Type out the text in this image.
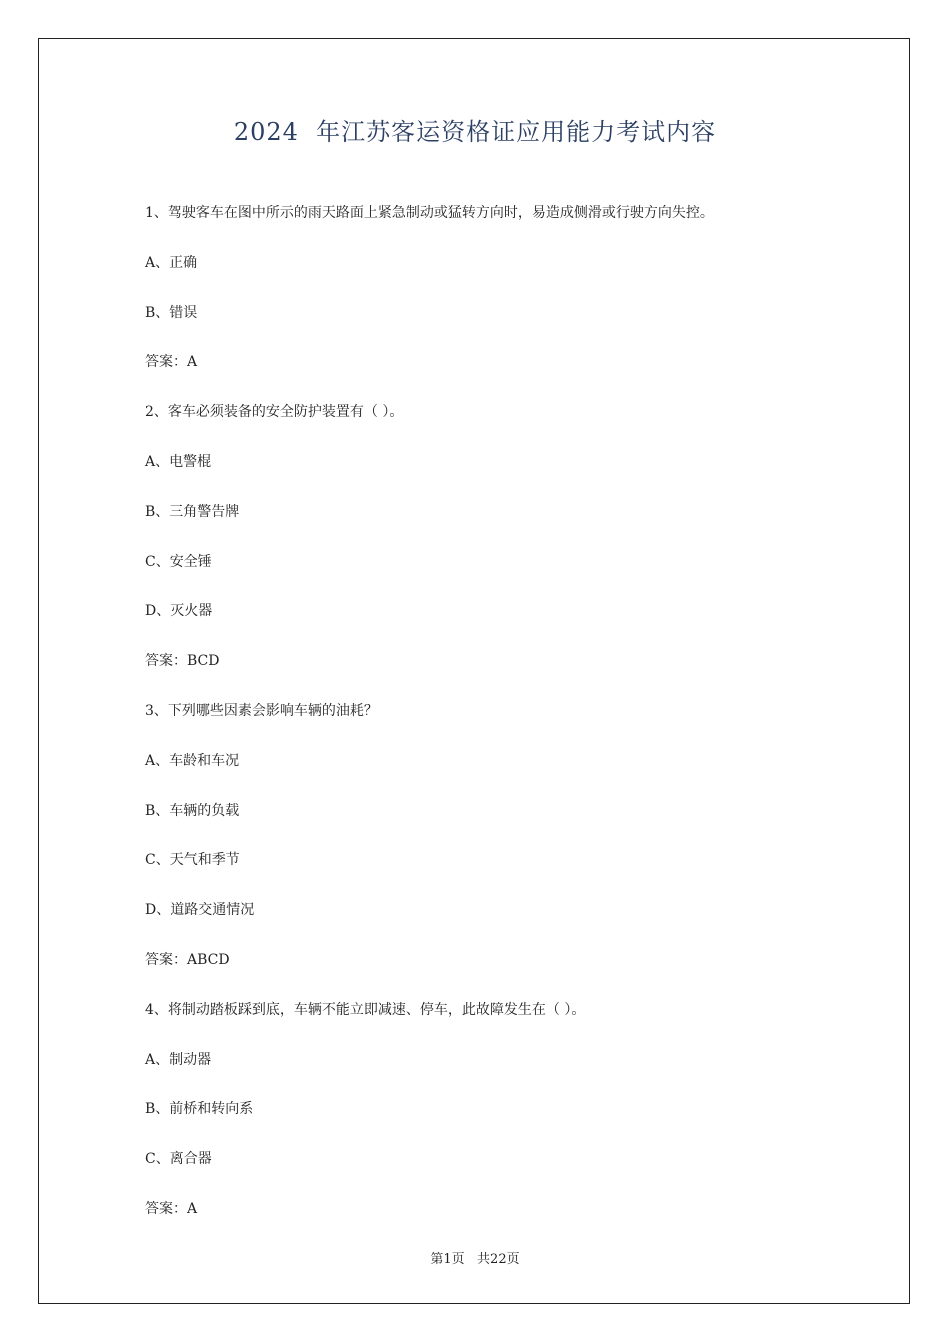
2024  年江苏客运资格证应用能力考试内容
1、驾驶客车在图中所示的雨天路面上紧急制动或猛转方向时，易造成侧滑或行驶方向失控。
A、正确
B、错误
答案：A
2、客车必须装备的安全防护装置有（ ）。
A、电警棍
B、三角警告牌
C、安全锤
D、灭火器
答案：BCD
3、下列哪些因素会影响车辆的油耗？
A、车龄和车况
B、车辆的负载
C、天气和季节
D、道路交通情况
答案：ABCD
4、将制动踏板踩到底，车辆不能立即减速、停车，此故障发生在（ ）。
A、制动器
B、前桥和转向系
C、离合器
答案：A
第1页   共22页
